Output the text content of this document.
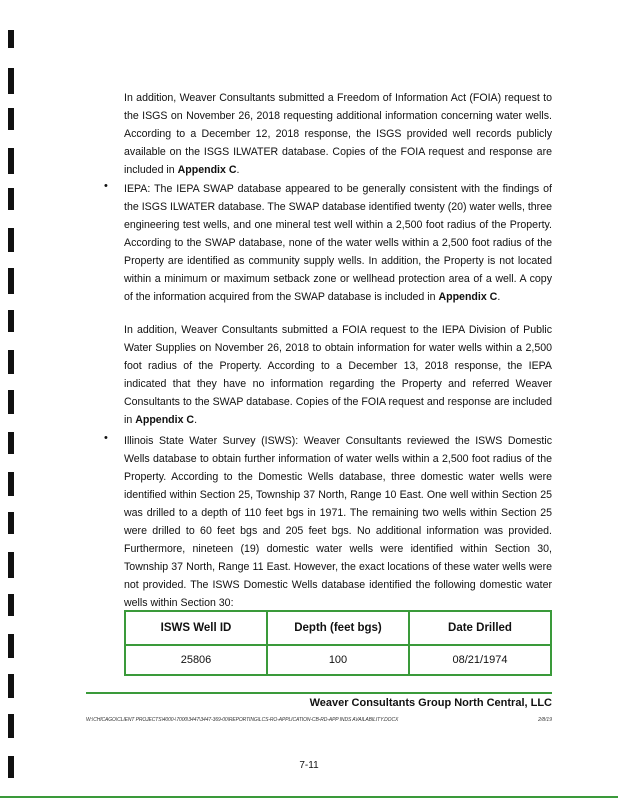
In addition, Weaver Consultants submitted a Freedom of Information Act (FOIA) request to the ISGS on November 26, 2018 requesting additional information concerning water wells. According to a December 12, 2018 response, the ISGS provided well records publicly available on the ISGS ILWATER database. Copies of the FOIA request and response are included in Appendix C.

• IEPA: The IEPA SWAP database appeared to be generally consistent with the findings of the ISGS ILWATER database. The SWAP database identified twenty (20) water wells, three engineering test wells, and one mineral test well within a 2,500 foot radius of the Property. According to the SWAP database, none of the water wells within a 2,500 foot radius of the Property are identified as community supply wells. In addition, the Property is not located within a minimum or maximum setback zone or wellhead protection area of a well. A copy of the information acquired from the SWAP database is included in Appendix C.

In addition, Weaver Consultants submitted a FOIA request to the IEPA Division of Public Water Supplies on November 26, 2018 to obtain information for water wells within a 2,500 foot radius of the Property. According to a December 13, 2018 response, the IEPA indicated that they have no information regarding the Property and referred Weaver Consultants to the SWAP database. Copies of the FOIA request and response are included in Appendix C.

• Illinois State Water Survey (ISWS): Weaver Consultants reviewed the ISWS Domestic Wells database to obtain further information of water wells within a 2,500 foot radius of the Property. According to the Domestic Wells database, three domestic water wells were identified within Section 25, Township 37 North, Range 10 East. One well within Section 25 was drilled to a depth of 110 feet bgs in 1971. The remaining two wells within Section 25 were drilled to 60 feet bgs and 205 feet bgs. No additional information was provided. Furthermore, nineteen (19) domestic water wells were identified within Section 30, Township 37 North, Range 11 East. However, the exact locations of these water wells were not provided. The ISWS Domestic Wells database identified the following domestic water wells within Section 30:

ISWS Well ID	Depth (feet bgs)	Date Drilled
25806	100	08/21/1974
Weaver Consultants Group North Central, LLC
W:\CHICAGO\CLIENT PROJECTS\4000-\7000\3447\3447-369-00\REPORTING\LCS-RO-APPLICATION-CB-RD-APP INDS AVAILABILITY.DOCX	2/8/19
7-11
